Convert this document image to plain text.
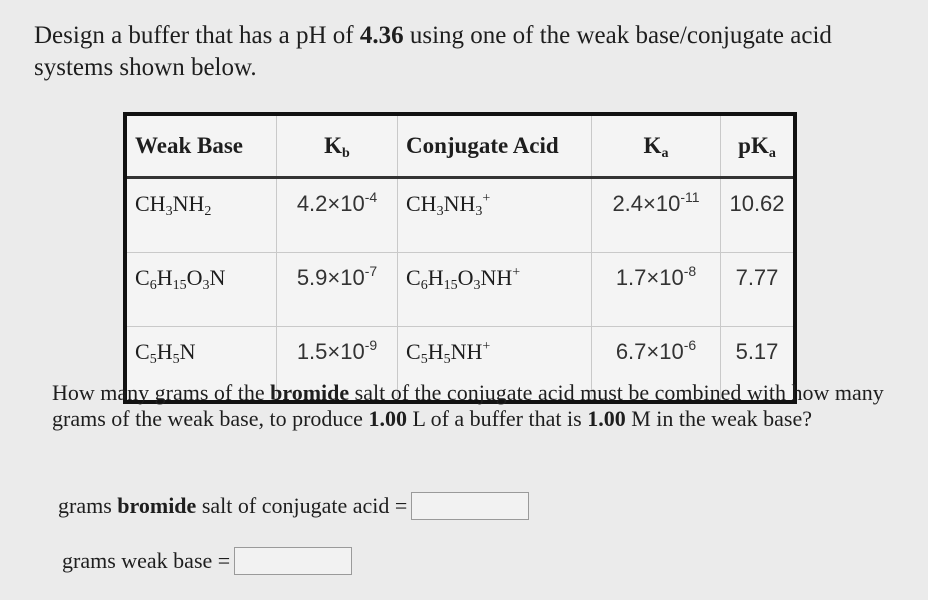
Design a buffer that has a pH of 4.36 using one of the weak base/conjugate acid systems shown below.
Weak Base	$K_b$	Conjugate Acid	$K_a$	$pK_a$
$CH_3NH_2$	$4.2\times 10^{-4}$	$CH_3NH_3^+$	$2.4\times 10^{-11}$	10.62
$C_6H_{15}O_3N$	$5.9\times 10^{-7}$	$C_6H_{15}O_3NH^+$	$1.7\times 10^{-8}$	7.77
$C_5H_5N$	$1.5\times 10^{-9}$	$C_5H_5NH^+$	$6.7\times 10^{-6}$	5.17
How many grams of the bromide salt of the conjugate acid must be combined with how many grams of the weak base, to produce 1.00 L of a buffer that is 1.00 M in the weak base?
grams bromide salt of conjugate acid =
grams weak base =
